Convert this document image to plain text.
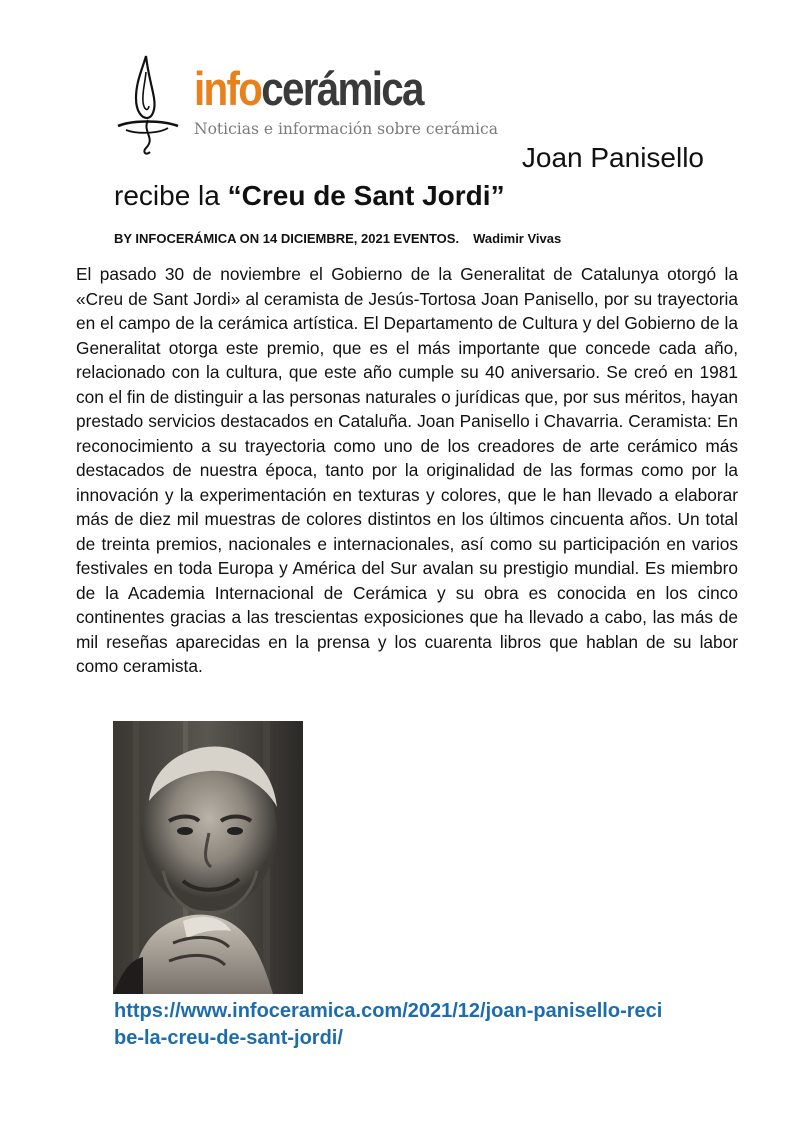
infocerámica
Noticias e información sobre cerámica
Joan Panisello
recibe la “Creu de Sant Jordi”
BY INFOCERÁMICA ON 14 DICIEMBRE, 2021 EVENTOS. Wadimir Vivas

El pasado 30 de noviembre el Gobierno de la Generalitat de Catalunya otorgó la «Creu de Sant Jordi» al ceramista de Jesús-Tortosa Joan Panisello, por su trayectoria en el campo de la cerámica artística. El Departamento de Cultura y del Gobierno de la Generalitat otorga este premio, que es el más importante que concede cada año, relacionado con la cultura, que este año cumple su 40 aniversario. Se creó en 1981 con el fin de distinguir a las personas naturales o jurídicas que, por sus méritos, hayan prestado servicios destacados en Cataluña. Joan Panisello i Chavarria. Ceramista: En reconocimiento a su trayectoria como uno de los creadores de arte cerámico más destacados de nuestra época, tanto por la originalidad de las formas como por la innovación y la experimentación en texturas y colores, que le han llevado a elaborar más de diez mil muestras de colores distintos en los últimos cincuenta años. Un total de treinta premios, nacionales e internacionales, así como su participación en varios festivales en toda Europa y América del Sur avalan su prestigio mundial. Es miembro de la Academia Internacional de Cerámica y su obra es conocida en los cinco continentes gracias a las trescientas exposiciones que ha llevado a cabo, las más de mil reseñas aparecidas en la prensa y los cuarenta libros que hablan de su labor como ceramista.

https://www.infoceramica.com/2021/12/joan-panisello-recibe-la-creu-de-sant-jordi/
